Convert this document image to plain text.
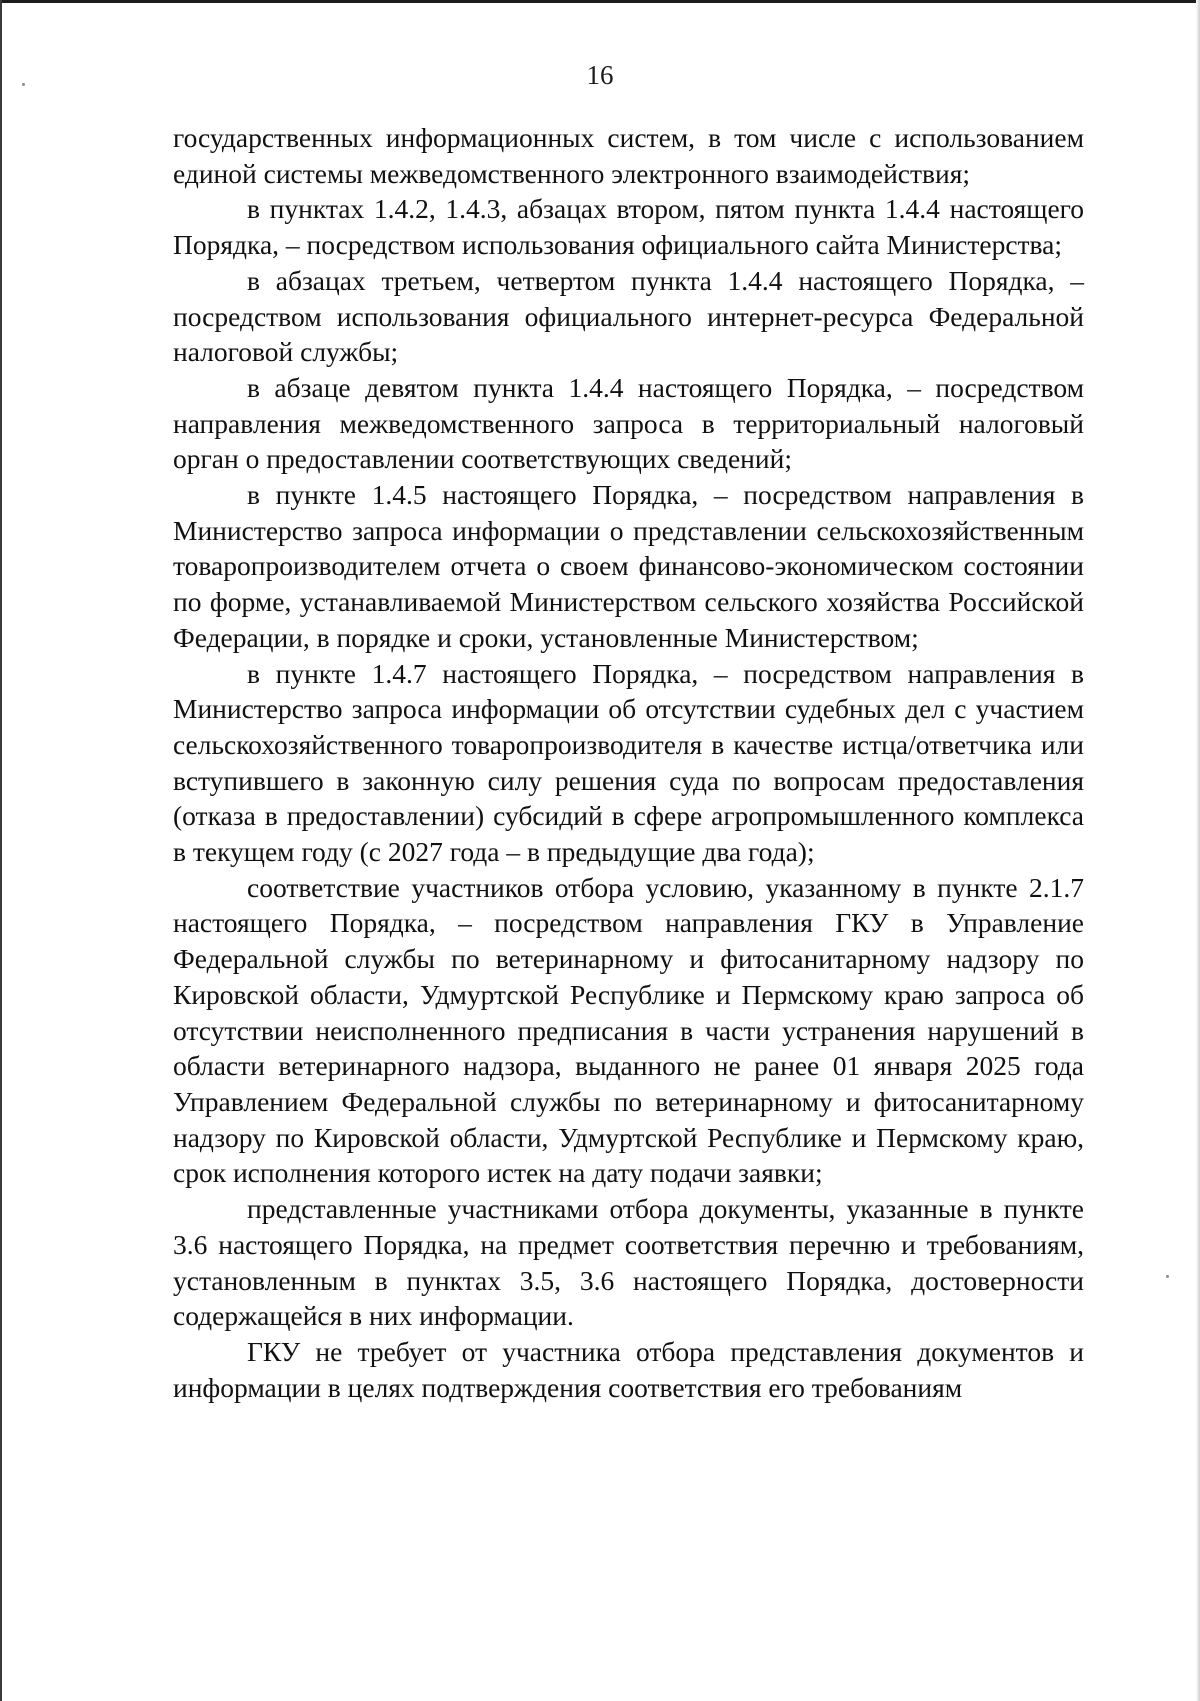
16

государственных информационных систем, в том числе с использованием единой системы межведомственного электронного взаимодействия;

в пунктах 1.4.2, 1.4.3, абзацах втором, пятом пункта 1.4.4 настоящего Порядка, – посредством использования официального сайта Министерства;

в абзацах третьем, четвертом пункта 1.4.4 настоящего Порядка, – посредством использования официального интернет-ресурса Федеральной налоговой службы;

в абзаце девятом пункта 1.4.4 настоящего Порядка, – посредством направления межведомственного запроса в территориальный налоговый орган о предоставлении соответствующих сведений;

в пункте 1.4.5 настоящего Порядка, – посредством направления в Министерство запроса информации о представлении сельскохозяйственным товаропроизводителем отчета о своем финансово-экономическом состоянии по форме, устанавливаемой Министерством сельского хозяйства Российской Федерации, в порядке и сроки, установленные Министерством;

в пункте 1.4.7 настоящего Порядка, – посредством направления в Министерство запроса информации об отсутствии судебных дел с участием сельскохозяйственного товаропроизводителя в качестве истца/ответчика или вступившего в законную силу решения суда по вопросам предоставления (отказа в предоставлении) субсидий в сфере агропромышленного комплекса в текущем году (с 2027 года – в предыдущие два года);

соответствие участников отбора условию, указанному в пункте 2.1.7 настоящего Порядка, – посредством направления ГКУ в Управление Федеральной службы по ветеринарному и фитосанитарному надзору по Кировской области, Удмуртской Республике и Пермскому краю запроса об отсутствии неисполненного предписания в части устранения нарушений в области ветеринарного надзора, выданного не ранее 01 января 2025 года Управлением Федеральной службы по ветеринарному и фитосанитарному надзору по Кировской области, Удмуртской Республике и Пермскому краю, срок исполнения которого истек на дату подачи заявки;

представленные участниками отбора документы, указанные в пункте 3.6 настоящего Порядка, на предмет соответствия перечню и требованиям, установленным в пунктах 3.5, 3.6 настоящего Порядка, достоверности содержащейся в них информации.

ГКУ не требует от участника отбора представления документов и информации в целях подтверждения соответствия его требованиям
